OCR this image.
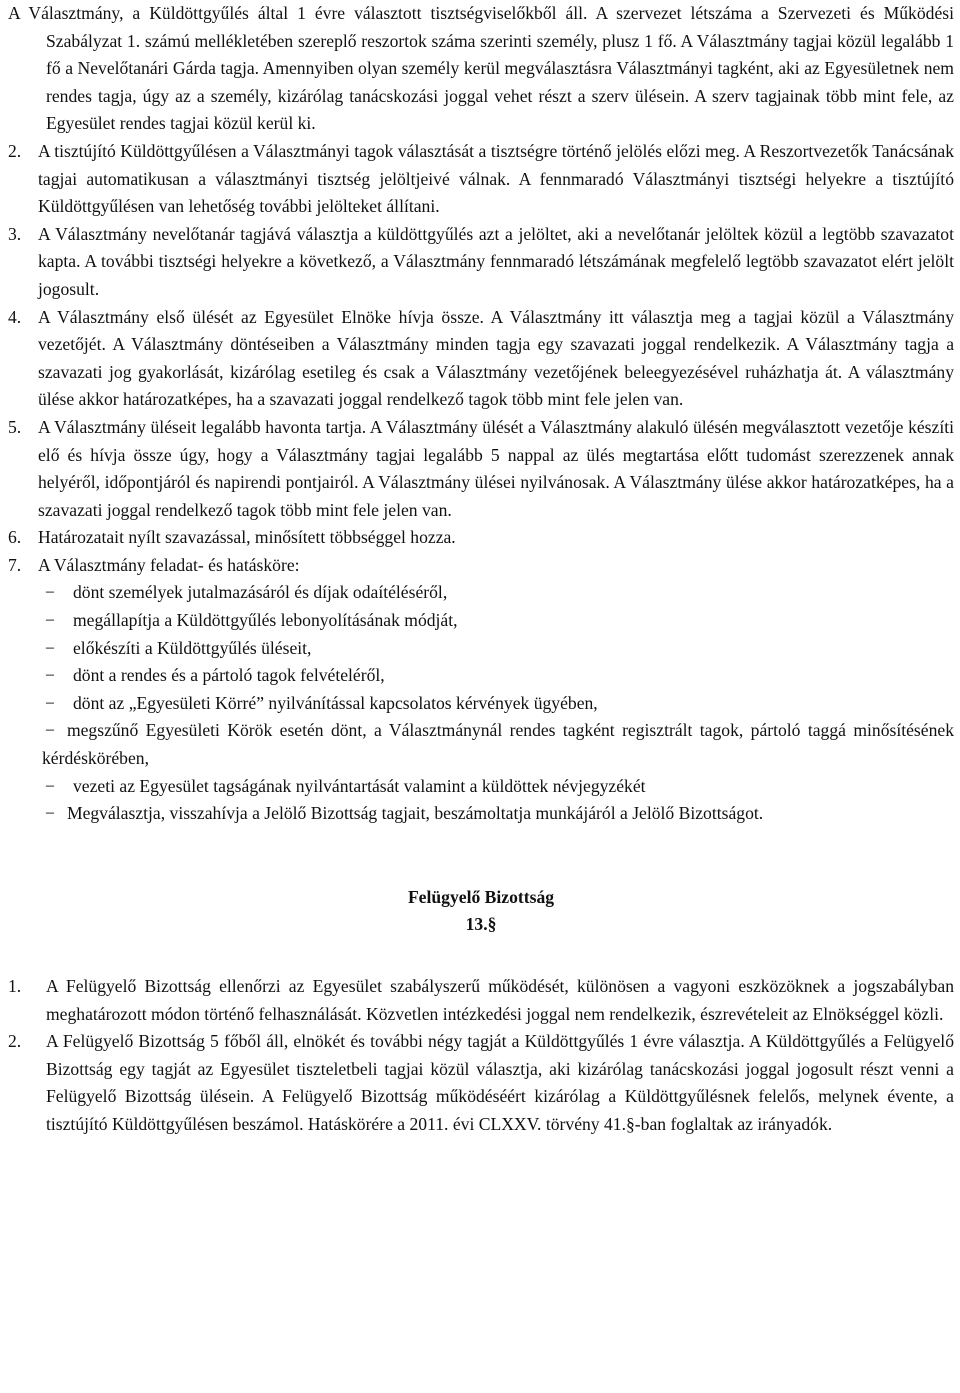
A Választmány, a Küldöttgyűlés által 1 évre választott tisztségviselőkből áll. A szervezet létszáma a Szervezeti és Működési Szabályzat 1. számú mellékletében szereplő reszortok száma szerinti személy, plusz 1 fő. A Választmány tagjai közül legalább 1 fő a Nevelőtanári Gárda tagja. Amennyiben olyan személy kerül megválasztásra Választmányi tagként, aki az Egyesületnek nem rendes tagja, úgy az a személy, kizárólag tanácskozási joggal vehet részt a szerv ülésein. A szerv tagjainak több mint fele, az Egyesület rendes tagjai közül kerül ki.

2. A tisztújító Küldöttgyűlésen a Választmányi tagok választását a tisztségre történő jelölés előzi meg. A Reszortvezetők Tanácsának tagjai automatikusan a választmányi tisztség jelöltjeivé válnak. A fennmaradó Választmányi tisztségi helyekre a tisztújító Küldöttgyűlésen van lehetőség további jelölteket állítani.
3. A Választmány nevelőtanár tagjává választja a küldöttgyűlés azt a jelöltet, aki a nevelőtanár jelöltek közül a legtöbb szavazatot kapta. A további tisztségi helyekre a következő, a Választmány fennmaradó létszámának megfelelő legtöbb szavazatot elért jelölt jogosult.
4. A Választmány első ülését az Egyesület Elnöke hívja össze. A Választmány itt választja meg a tagjai közül a Választmány vezetőjét. A Választmány döntéseiben a Választmány minden tagja egy szavazati joggal rendelkezik. A Választmány tagja a szavazati jog gyakorlását, kizárólag esetileg és csak a Választmány vezetőjének beleegyezésével ruházhatja át. A választmány ülése akkor határozatképes, ha a szavazati joggal rendelkező tagok több mint fele jelen van.
5. A Választmány üléseit legalább havonta tartja. A Választmány ülését a Választmány alakuló ülésén megválasztott vezetője készíti elő és hívja össze úgy, hogy a Választmány tagjai legalább 5 nappal az ülés megtartása előtt tudomást szerezzenek annak helyéről, időpontjáról és napirendi pontjairól. A Választmány ülései nyilvánosak. A Választmány ülése akkor határozatképes, ha a szavazati joggal rendelkező tagok több mint fele jelen van.
6. Határozatait nyílt szavazással, minősített többséggel hozza.
7. A Választmány feladat- és hatásköre:
− dönt személyek jutalmazásáról és díjak odaítéléséről,
− megállapítja a Küldöttgyűlés lebonyolításának módját,
− előkészíti a Küldöttgyűlés üléseit,
− dönt a rendes és a pártoló tagok felvételéről,
− dönt az „Egyesületi Körré” nyilvánítással kapcsolatos kérvények ügyében,
− megszűnő Egyesületi Körök esetén dönt, a Választmánynál rendes tagként regisztrált tagok, pártoló taggá minősítésének kérdéskörében,
− vezeti az Egyesület tagságának nyilvántartását valamint a küldöttek névjegyzékét
− Megválasztja, visszahívja a Jelölő Bizottság tagjait, beszámoltatja munkájáról a Jelölő Bizottságot.

Felügyelő Bizottság

13.§

1. A Felügyelő Bizottság ellenőrzi az Egyesület szabályszerű működését, különösen a vagyoni eszközöknek a jogszabályban meghatározott módon történő felhasználását. Közvetlen intézkedési joggal nem rendelkezik, észrevételeit az Elnökséggel közli.
2. A Felügyelő Bizottság 5 főből áll, elnökét és további négy tagját a Küldöttgyűlés 1 évre választja. A Küldöttgyűlés a Felügyelő Bizottság egy tagját az Egyesület tiszteletbeli tagjai közül választja, aki kizárólag tanácskozási joggal jogosult részt venni a Felügyelő Bizottság ülésein. A Felügyelő Bizottság működéséért kizárólag a Küldöttgyűlésnek felelős, melynek évente, a tisztújító Küldöttgyűlésen beszámol. Hatáskörére a 2011. évi CLXXV. törvény 41.§-ban foglaltak az irányadók.
